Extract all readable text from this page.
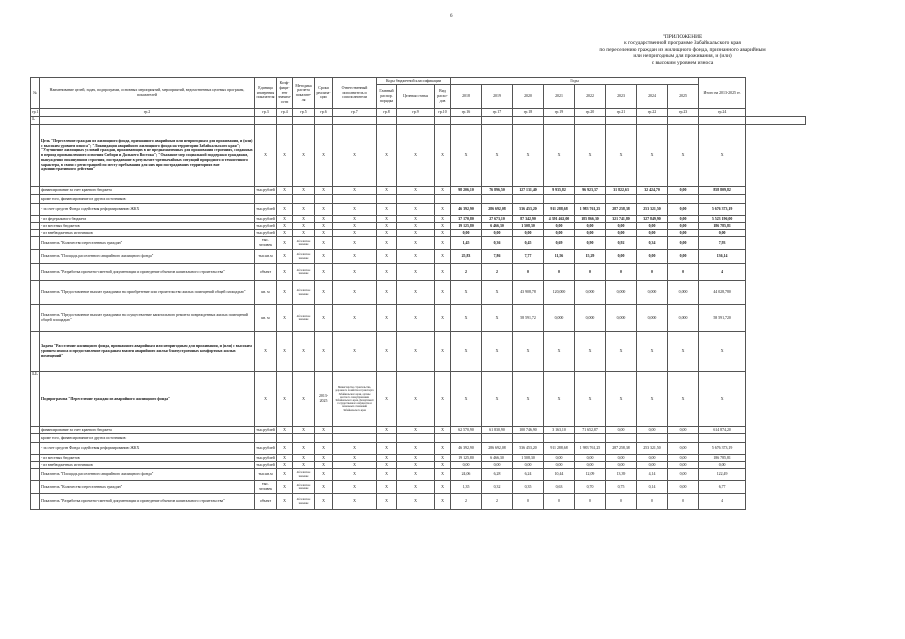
6
"ПРИЛОЖЕНИЕ
к государственной программе Забайкальского края
по переселению граждан из жилищного фонда, признанного аварийным
или непригодным для проживания, и (или)
с высоким уровнем износа
№	Наименование целей, задач, подпрограмм, основных мероприятий, мероприятий, ведомственных целевых программ, показателей	Единица измерения показателя	Коэф-фици-ент значим-ости	Методика расчета показате-ля	Сроки реализа-ции	Ответственный исполнитель и соисполнители	Коды бюджетной классификации			Годы								Итого на 2013-2025 гг.	
							Главный распор. порядка	Целевая статья	Вид расхо-дов	2018	2019	2020	2021	2022	2023	2024	2025		
гр.1	гр.2	гр.3	гр.4	гр.5	гр.6	гр.7	гр.8	гр.9	гр.10	гр.16	гр.17	гр.18	гр.19	гр.20	гр.21	гр.22	гр.23	гр.24	
1.																			
	Цель "Переселение граждан из жилищного фонда, признанного аварийным или непригодным для проживания, и (или) с высоким уровнем износа"; "Ликвидация аварийного жилищного фонда на территории Забайкальского края"; "Улучшение жилищных условий граждан, проживающих в не предназначенных для проживания строениях, созданных в период промышленного освоения Сибири и Дальнего Востока"; "Оказание мер социальной поддержки гражданам, вынужденно покинувшим строения, пострадавшие в результате чрезвычайных ситуаций природного и техногенного характера, в связи с регистрацией по месту пребывания для них при пострадавших территориях вне административного действия"	X	X	X	X	X	X	X	X	X	X	X	X	X	X	X	X	X	
	финансирование за счет краевого бюджета	тыс.рублей	X	X	X	X	X	X	X	98 206,10	76 896,50	127 131,40	9 935,82	96 923,37	31 822,63	32 424,70	0,00	858 809,82	
	кроме того, финансирование из других источников:																		
	- за счет средств Фонда содействия реформированию ЖКХ	тыс.рублей	X	X	X	X	X	X	X	46 392,90	286 692,08	536 453,20	911 288,68	1 983 761,25	287 258,38	253 321,50	0,00	5 676 373,19	
	- из федерального бюджета	тыс.рублей	X	X	X	X	X	X	X	37 170,80	27 673,10	87 342,90	4 391 462,00	185 866,30	321 741,80	327 849,90	0,00	5 523 196,00	
	- из местных бюджетов	тыс.рублей	X	X	X	X	X	X	X	19 125,80	6 466,30	1 508,30	0,00	0,00	0,00	0,00	0,00	186 785,81	
	- из внебюджетных источников	тыс.рублей	X	X	X	X	X	X	X	0,00	0,00	0,00	0,00	0,00	0,00	0,00	0,00	0,00	
	Показатель "Количество переселенных граждан"	тыс. человек	X	Абсолютное значение	X	X	X	X	X	1,45	0,36	0,45	0,69	0,90	0,92	0,34	0,00	7,93	
	Показатель "Площадь расселенного аварийного жилищного фонда"	тыс.кв.м	X	Абсолютное значение	X	X	X	X	X	25,83	7,86	7,77	11,56	15,29	0,00	0,00	0,00	136,14	
	Показатель "Разработка проектно-сметной документации и проведение объектов капитального строительства"	объект	X	Абсолютное значение	X	X	X	X	X	2	2	0	0	0	0	0	0	4	
	Показатель "Предоставление выплат гражданам на приобретение или строительство жилых помещений общей площадью"	кв. м	X	Абсолютное значение	X	X	X	X	X	X	X	43 908,78	120,000	0,000	0,000	0,000	0,000	44 028,780	
	Показатель "Предоставление выплат гражданам на осуществление капитального ремонта поврежденных жилых помещений общей площадью"	кв. м	X	Абсолютное значение	X	X	X	X	X	X	X	58 591,72	0,000	0,000	0,000	0,000	0,000	58 591,720	
	Задача "Расселение жилищного фонда, признанного аварийным или непригодным для проживания, и (или) с высоким уровнем износа и предоставление гражданам взамен аварийного жилья благоустроенных комфортных жилых помещений"	X	X	X	X	X	X	X	X	X	X	X	X	X	X	X	X	X	
1.1.	Подпрограмма "Переселение граждан из аварийного жилищного фонда"	X	X	X	2013-2025	Министерство строительства, дорожного хозяйства и транспорта Забайкальского края, органы местного самоуправления Забайкальского края, Департамент государственного имущества и земельных отношений Забайкальского края	X	X	X	X	X	X	X	X	X	X	X	X	
	финансирование за счет краевого бюджета	тыс.рублей	X	X	X		X	X	X	62 570,90	61 830,90	100 746,90	3 163,10	71 652,87	0,00	0,00	0,00	614 874,20	
	кроме того, финансирование из других источников:																		
	- за счет средств Фонда содействия реформированию ЖКХ	тыс.рублей	X	X	X	X	X	X	X	46 392,90	286 692,08	536 453,20	911 288,68	1 983 761,25	287 258,38	253 321,50	0,00	5 676 373,19	
	- из местных бюджетов	тыс.рублей	X	X	X	X	X	X	X	19 125,80	6 466,30	1 508,30	0,00	0,00	0,00	0,00	0,00	186 785,81	
	- из внебюджетных источников	тыс.рублей	X	X	X	X	X	X	X	0,00	0,00	0,00	0,00	0,00	0,00	0,00	0,00	0,00	
	Показатель "Площадь расселенного аварийного жилищного фонда"	тыс.кв.м	X	Абсолютное значение	X	X	X	X	X	24,06	6,28	6,24	10,44	12,09	13,39	4,14	0,00	122,49	
	Показатель "Количество переселенных граждан"	тыс. человек	X	Абсолютное значение	X	X	X	X	X	1,35	0,32	0,35	0,63	0,70	0,75	0,14	0,00	6,77	
	Показатель "Разработка проектно-сметной документации и проведение объектов капитального строительства"	объект	X	Абсолютное значение	X	X	X	X	X	2	2	0	0	0	0	0	0	4	
